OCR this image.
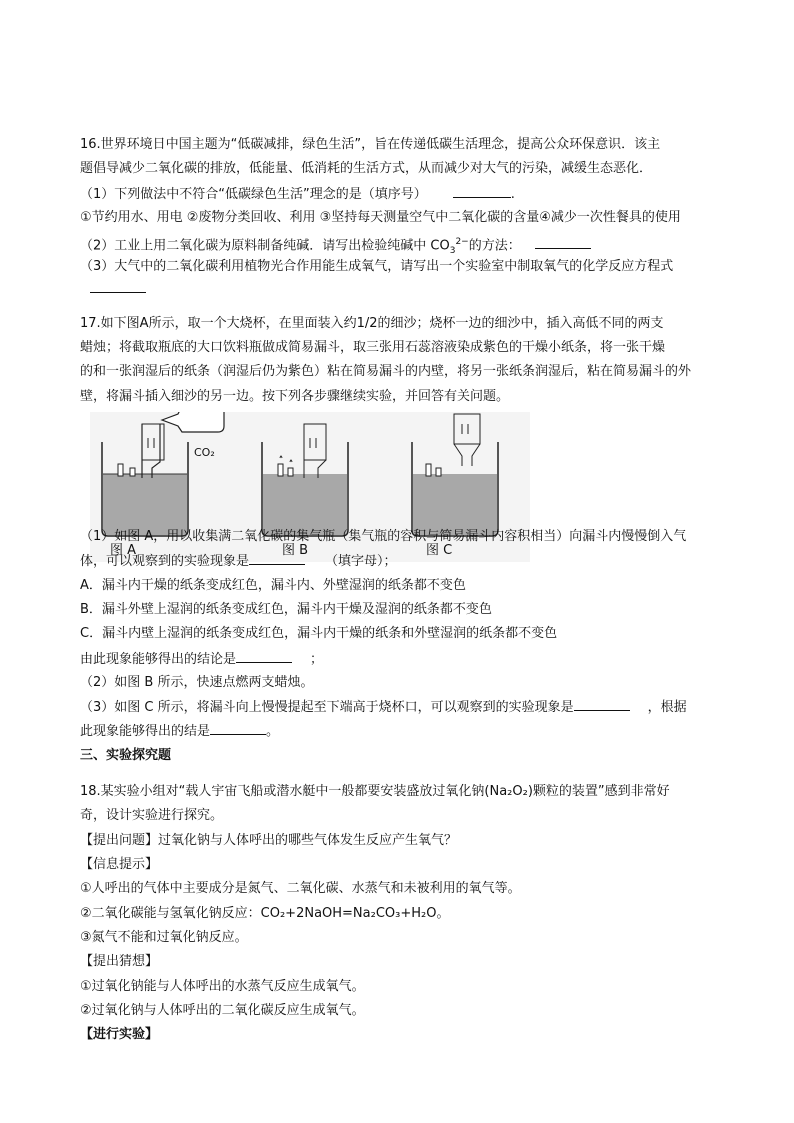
16.世界环境日中国主题为“低碳减排，绿色生活”，旨在传递低碳生活理念，提高公众环保意识．该主
题倡导减少二氧化碳的排放，低能量、低消耗的生活方式，从而减少对大气的污染，减缓生态恶化．
（1）下列做法中不符合“低碳绿色生活”理念的是（填序号）	.
①节约用水、用电 ②废物分类回收、利用 ③坚持每天测量空气中二氧化碳的含量④减少一次性餐具的使用
（2）工业上用二氧化碳为原料制备纯碱．请写出检验纯碱中 $CO_3^{2-}$的方法：
（3）大气中的二氧化碳利用植物光合作用能生成氧气，请写出一个实验室中制取氧气的化学反应方程式
17.如下图A所示，取一个大烧杯，在里面装入约1/2的细沙；烧杯一边的细沙中，插入高低不同的两支
蜡烛；将截取瓶底的大口饮料瓶做成简易漏斗，取三张用石蕊溶液染成紫色的干燥小纸条，将一张干燥
的和一张润湿后的纸条（润湿后仍为紫色）粘在简易漏斗的内壁，将另一张纸条润湿后，粘在简易漏斗的外
壁，将漏斗插入细沙的另一边。按下列各步骤继续实验，并回答有关问题。
CO₂
图 A	图 B	图 C
（1）如图 A，用以收集满二氧化碳的集气瓶（集气瓶的容积与简易漏斗内容积相当）向漏斗内慢慢倒入气
体，可以观察到的实验现象是	（填字母）；
A．漏斗内干燥的纸条变成红色，漏斗内、外壁湿润的纸条都不变色
B．漏斗外壁上湿润的纸条变成红色，漏斗内干燥及湿润的纸条都不变色
C．漏斗内壁上湿润的纸条变成红色，漏斗内干燥的纸条和外壁湿润的纸条都不变色
由此现象能够得出的结论是	；
（2）如图 B 所示，快速点燃两支蜡烛。
（3）如图 C 所示，将漏斗向上慢慢提起至下端高于烧杯口，可以观察到的实验现象是	，根据
此现象能够得出的结是	。
三、实验探究题
18.某实验小组对“载人宇宙飞船或潜水艇中一般都要安装盛放过氧化钠(Na₂O₂)颗粒的装置”感到非常好
奇，设计实验进行探究。
【提出问题】过氧化钠与人体呼出的哪些气体发生反应产生氧气？
【信息提示】
①人呼出的气体中主要成分是氮气、二氧化碳、水蒸气和未被利用的氧气等。
②二氧化碳能与氢氧化钠反应：CO₂+2NaOH=Na₂CO₃+H₂O。
③氮气不能和过氧化钠反应。
【提出猜想】
①过氧化钠能与人体呼出的水蒸气反应生成氧气。
②过氧化钠与人体呼出的二氧化碳反应生成氧气。
【进行实验】
